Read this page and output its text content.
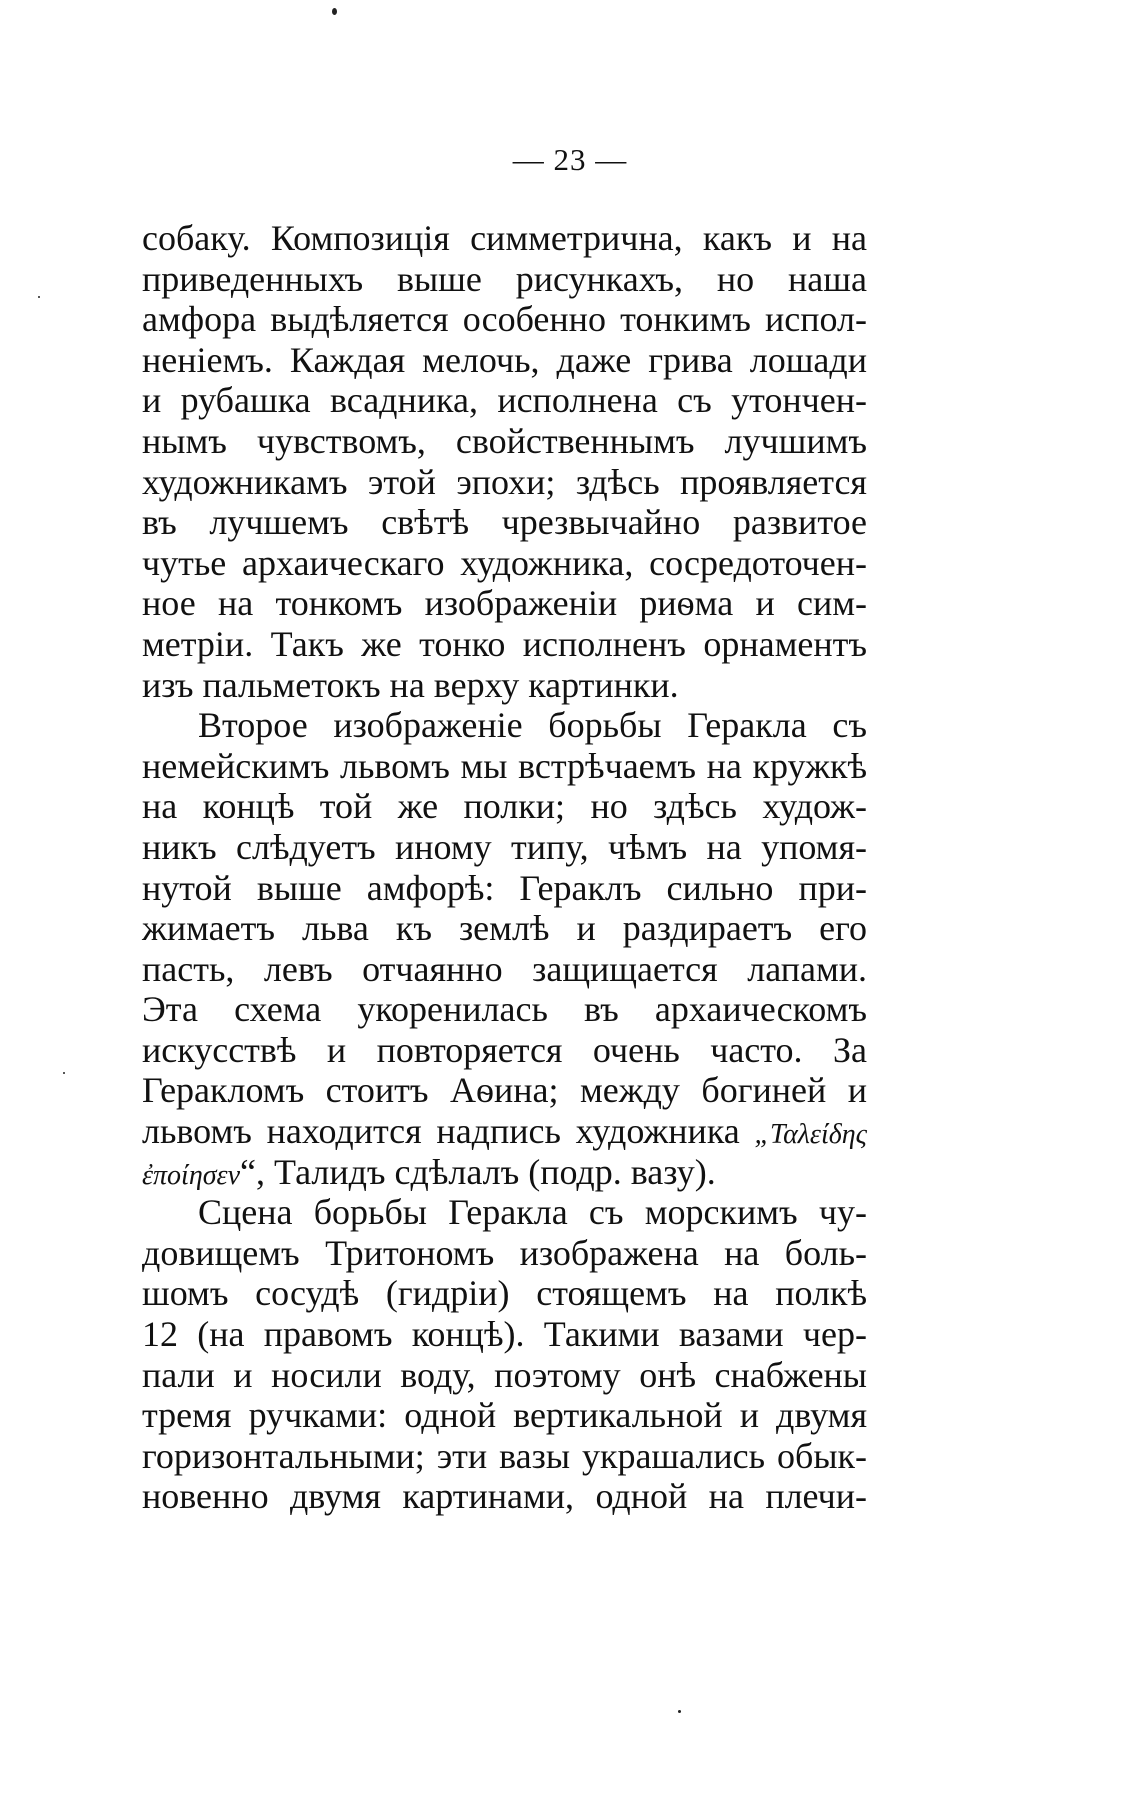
— 23 —
собаку. Композиція симметрична, какъ и на
приведенныхъ выше рисункахъ, но наша
амфора выдѣляется особенно тонкимъ испол-
неніемъ. Каждая мелочь, даже грива лошади
и рубашка всадника, исполнена съ утончен-
нымъ чувствомъ, свойственнымъ лучшимъ
художникамъ этой эпохи; здѣсь проявляется
въ лучшемъ свѣтѣ чрезвычайно развитое
чутье архаическаго художника, сосредоточен-
ное на тонкомъ изображеніи риѳма и сим-
метріи. Такъ же тонко исполненъ орнаментъ
изъ пальметокъ на верху картинки.
Второе изображеніе борьбы Геракла съ
немейскимъ львомъ мы встрѣчаемъ на кружкѣ
на концѣ той же полки; но здѣсь худож-
никъ слѣдуетъ иному типу, чѣмъ на упомя-
нутой выше амфорѣ: Гераклъ сильно при-
жимаетъ льва къ землѣ и раздираетъ его
пасть, левъ отчаянно защищается лапами.
Эта схема укоренилась въ архаическомъ
искусствѣ и повторяется очень часто. За
Геракломъ стоитъ Аѳина; между богиней и
львомъ находится надпись художника „Ταλείδης
ἐποίησεν“, Талидъ сдѣлалъ (подр. вазу).
Сцена борьбы Геракла съ морскимъ чу-
довищемъ Тритономъ изображена на боль-
шомъ сосудѣ (гидріи) стоящемъ на полкѣ
12 (на правомъ концѣ). Такими вазами чер-
пали и носили воду, поэтому онѣ снабжены
тремя ручками: одной вертикальной и двумя
горизонтальными; эти вазы украшались обык-
новенно двумя картинами, одной на плечи-
